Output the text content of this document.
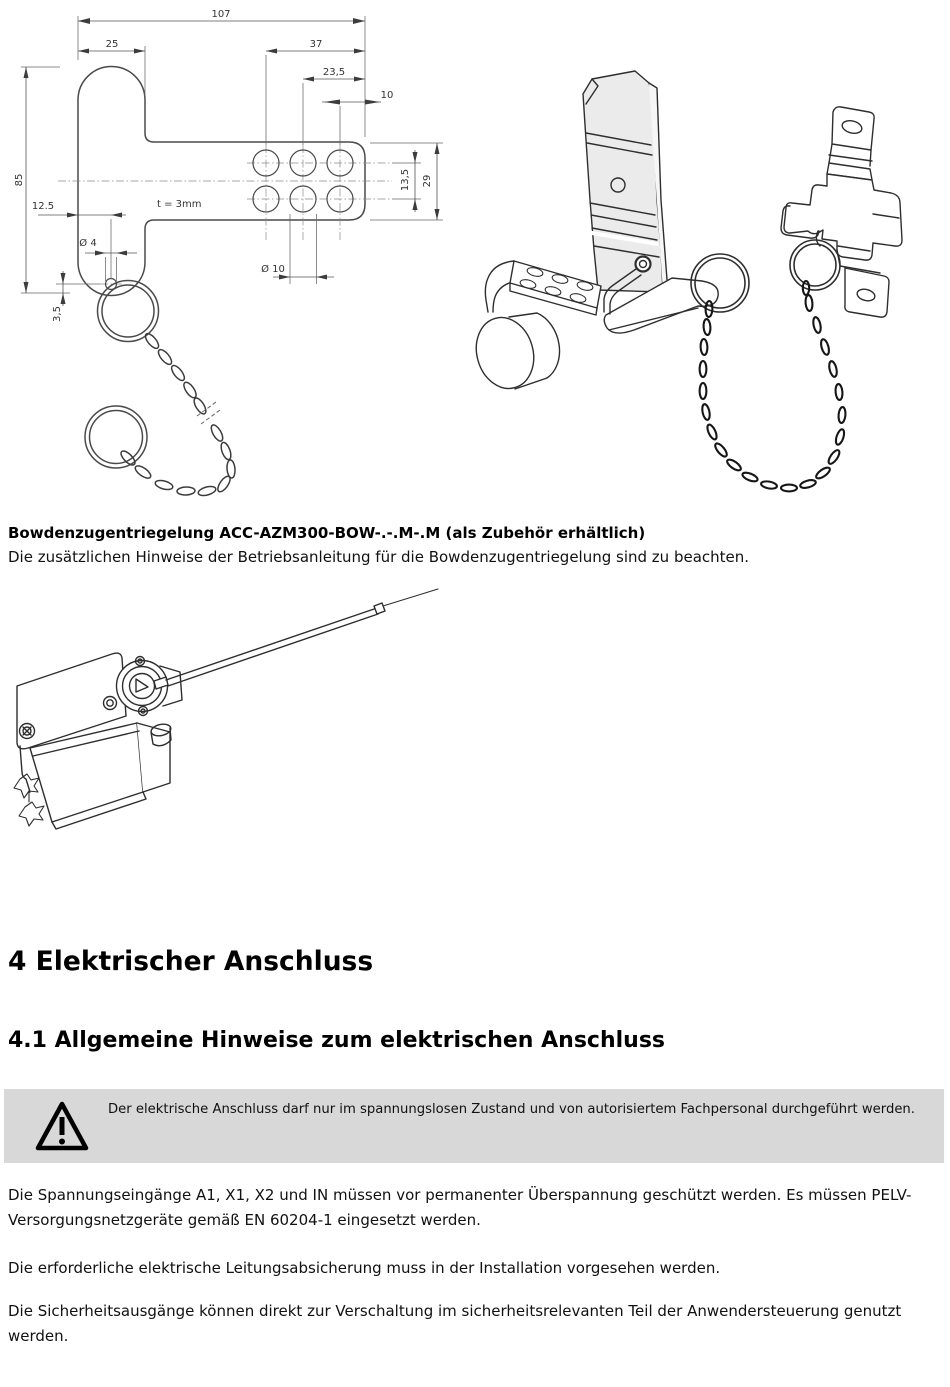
107
25	37
23,5
10
85
12.5
Ø 4
3,5
13,5 29
Ø 10
t = 3mm
Bowdenzugentriegelung ACC-AZM300-BOW-.-.M-.M (als Zubehör erhältlich)
Die zusätzlichen Hinweise der Betriebsanleitung für die Bowdenzugentriegelung sind zu beachten.
4 Elektrischer Anschluss
4.1 Allgemeine Hinweise zum elektrischen Anschluss
Der elektrische Anschluss darf nur im spannungslosen Zustand und von autorisiertem Fachpersonal durchgeführt werden.
Die Spannungseingänge A1, X1, X2 und IN müssen vor permanenter Überspannung geschützt werden. Es müssen PELV-Versorgungsnetzgeräte gemäß EN 60204-1 eingesetzt werden.
Die erforderliche elektrische Leitungsabsicherung muss in der Installation vorgesehen werden.
Die Sicherheitsausgänge können direkt zur Verschaltung im sicherheitsrelevanten Teil der Anwendersteuerung genutzt werden.
